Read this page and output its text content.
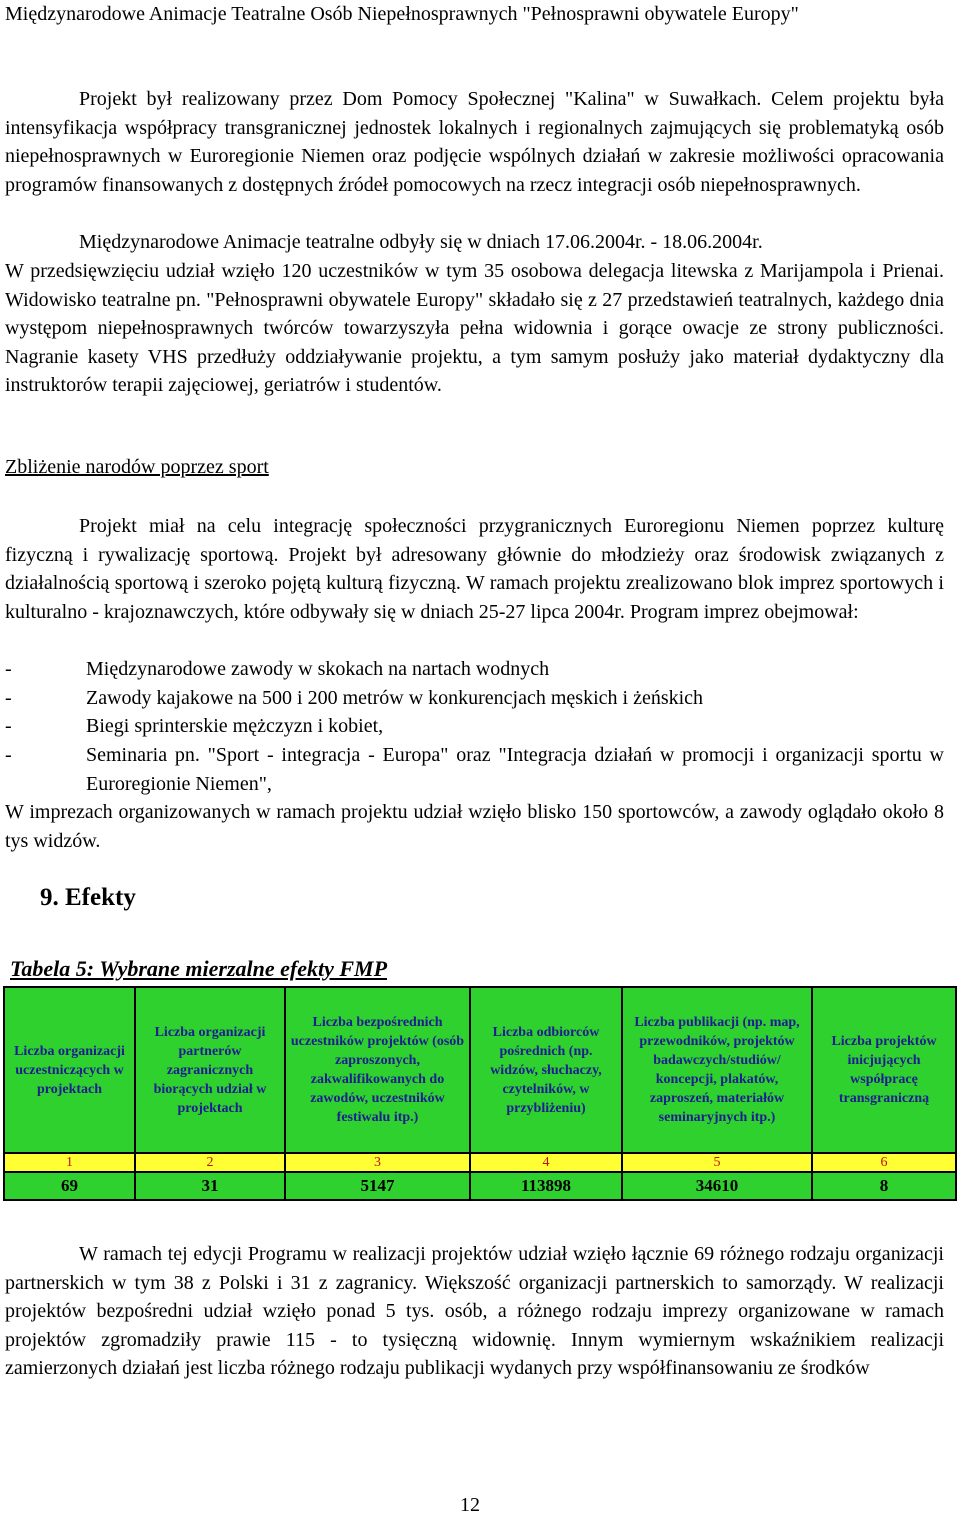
Międzynarodowe Animacje Teatralne Osób Niepełnosprawnych "Pełnosprawni obywatele Europy"

Projekt był realizowany przez Dom Pomocy Społecznej "Kalina" w Suwałkach. Celem projektu była intensyfikacja współpracy transgranicznej jednostek lokalnych i regionalnych zajmujących się problematyką osób niepełnosprawnych w Euroregionie Niemen oraz podjęcie wspólnych działań w zakresie możliwości opracowania programów finansowanych z dostępnych źródeł pomocowych na rzecz integracji osób niepełnosprawnych.

Międzynarodowe Animacje teatralne odbyły się w dniach 17.06.2004r. - 18.06.2004r.

W przedsięwzięciu udział wzięło 120 uczestników w tym 35 osobowa delegacja litewska z Marijampola i Prienai. Widowisko teatralne pn. "Pełnosprawni obywatele Europy" składało się z 27 przedstawień teatralnych, każdego dnia występom niepełnosprawnych twórców towarzyszyła pełna widownia i gorące owacje ze strony publiczności. Nagranie kasety VHS przedłuży oddziaływanie projektu, a tym samym posłuży jako materiał dydaktyczny dla instruktorów terapii zajęciowej, geriatrów i studentów.

Zbliżenie narodów poprzez sport

Projekt miał na celu integrację społeczności przygranicznych Euroregionu Niemen poprzez kulturę fizyczną i rywalizację sportową. Projekt był adresowany głównie do młodzieży oraz środowisk związanych z działalnością sportową i szeroko pojętą kulturą fizyczną. W ramach projektu zrealizowano blok imprez sportowych i kulturalno - krajoznawczych, które odbywały się w dniach 25-27 lipca 2004r. Program imprez obejmował:

-	Międzynarodowe zawody w skokach na nartach wodnych
-	Zawody kajakowe na 500 i 200 metrów w konkurencjach męskich i żeńskich
-	Biegi sprinterskie mężczyzn i kobiet,
-	Seminaria pn. "Sport - integracja - Europa" oraz "Integracja działań w promocji i organizacji sportu w Euroregionie Niemen",

W imprezach organizowanych w ramach projektu udział wzięło blisko 150 sportowców, a zawody oglądało około 8 tys widzów.

9. Efekty

Tabela 5: Wybrane mierzalne efekty FMP

Liczba organizacji uczestniczących w projektach	Liczba organizacji partnerów zagranicznych biorących udział w projektach	Liczba bezpośrednich uczestników projektów (osób zaproszonych, zakwalifikowanych do zawodów, uczestników festiwalu itp.)	Liczba odbiorców pośrednich (np. widzów, słuchaczy, czytelników, w przybliżeniu)	Liczba publikacji (np. map, przewodników, projektów badawczych/studiów/ koncepcji, plakatów, zaproszeń, materiałów seminaryjnych itp.)	Liczba projektów inicjujących współpracę transgraniczną
1	2	3	4	5	6
69	31	5147	113898	34610	8

W ramach tej edycji Programu w realizacji projektów udział wzięło łącznie 69 różnego rodzaju organizacji partnerskich w tym 38 z Polski i 31 z zagranicy. Większość organizacji partnerskich to samorządy. W realizacji projektów bezpośredni udział wzięło ponad 5 tys. osób, a różnego rodzaju imprezy organizowane w ramach projektów zgromadziły prawie 115 - to tysięczną widownię. Innym wymiernym wskaźnikiem realizacji zamierzonych działań jest liczba różnego rodzaju publikacji wydanych przy współfinansowaniu ze środków

12
